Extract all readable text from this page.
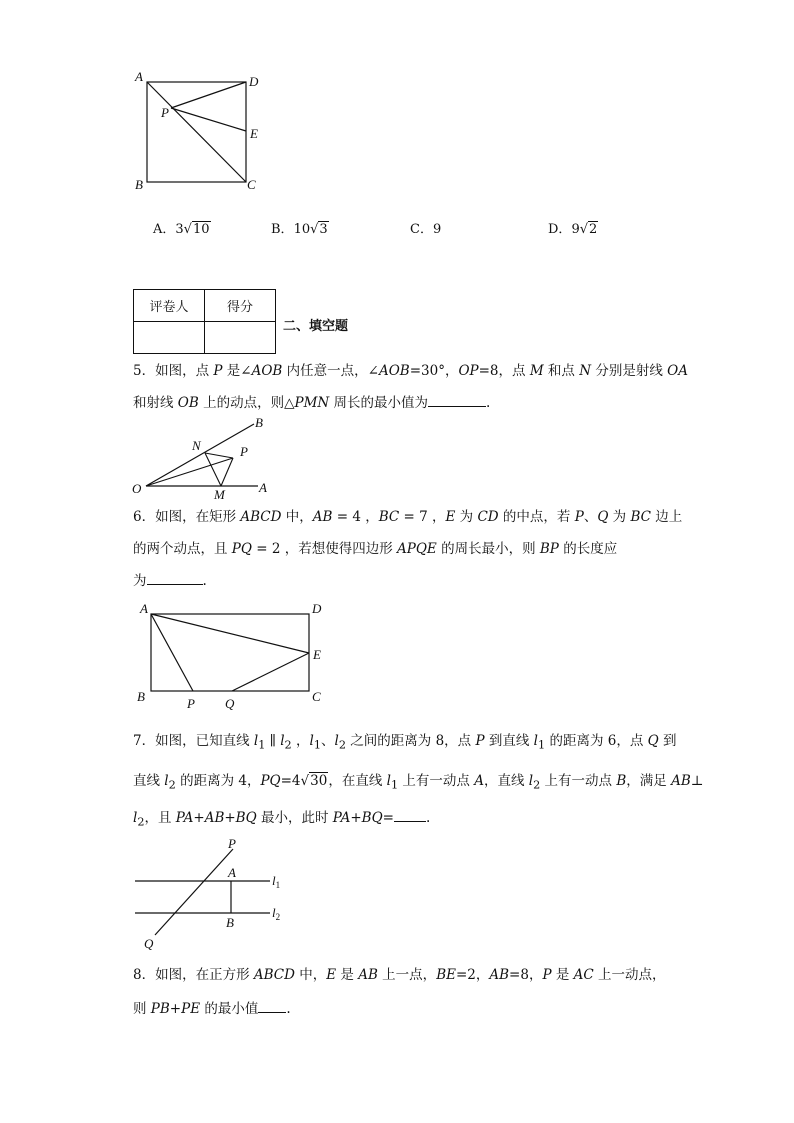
A	D
P
E
B	C
A．3√10	B．10√3	C．9	D．9√2
评卷人	得分

二、填空题
5．如图，点 P 是∠AOB 内任意一点，∠AOB=30°，OP=8，点 M 和点 N 分别是射线 OA
和射线 OB 上的动点，则△PMN 周长的最小值为	.
B
N	P
O	M	A
6．如图，在矩形 ABCD 中，AB = 4 ，BC = 7 ，E 为 CD 的中点，若 P、Q 为 BC 边上
的两个动点，且 PQ = 2 ，若想使得四边形 APQE 的周长最小，则 BP 的长度应
为	.
A	D
E
B	P Q	C
7．如图，已知直线 $l_1$ ∥ $l_2$ ，$l_1$、$l_2$ 之间的距离为 8，点 P 到直线 $l_1$ 的距离为 6，点 Q 到
直线 $l_2$ 的距离为 4，PQ=4√30，在直线 $l_1$ 上有一动点 A，直线 $l_2$ 上有一动点 B，满足 AB⊥
$l_2$，且 PA+AB+BQ 最小，此时 PA+BQ= .
P
A
$l_1$
$l_2$
B
Q
8．如图，在正方形 ABCD 中，E 是 AB 上一点，BE=2，AB=8，P 是 AC 上一动点，
则 PB+PE 的最小值 .
